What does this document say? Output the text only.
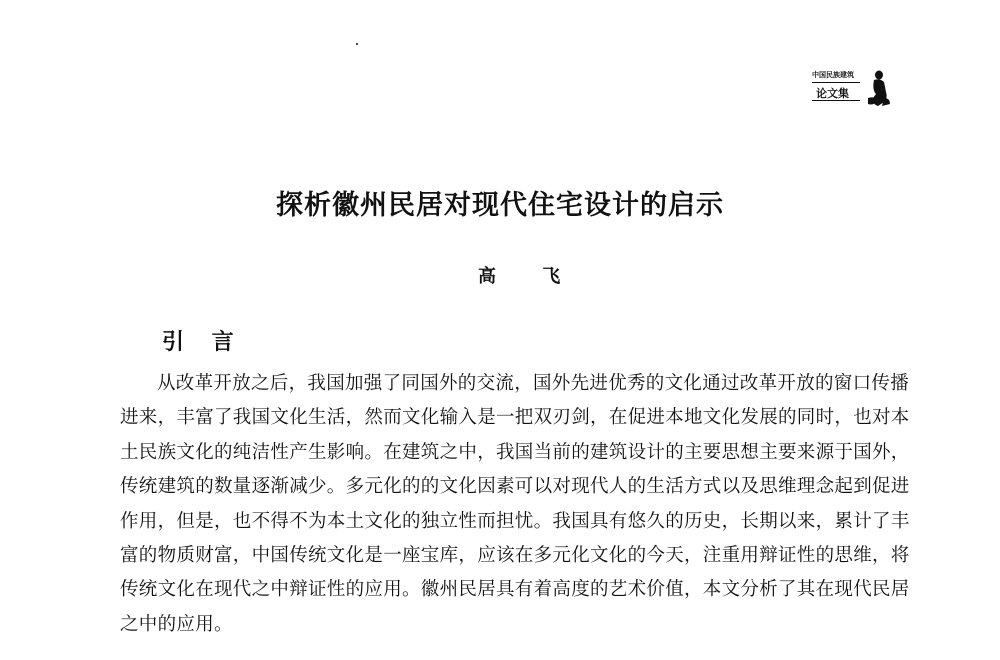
中国民族建筑
论文集
探析徽州民居对现代住宅设计的启示
高 飞
引 言

从改革开放之后，我国加强了同国外的交流，国外先进优秀的文化通过改革开放的窗口传播进来，丰富了我国文化生活，然而文化输入是一把双刃剑，在促进本地文化发展的同时，也对本土民族文化的纯洁性产生影响。在建筑之中，我国当前的建筑设计的主要思想主要来源于国外，传统建筑的数量逐渐减少。多元化的的文化因素可以对现代人的生活方式以及思维理念起到促进作用，但是，也不得不为本土文化的独立性而担忧。我国具有悠久的历史，长期以来，累计了丰富的物质财富，中国传统文化是一座宝库，应该在多元化文化的今天，注重用辩证性的思维，将传统文化在现代之中辩证性的应用。徽州民居具有着高度的艺术价值，本文分析了其在现代民居之中的应用。
